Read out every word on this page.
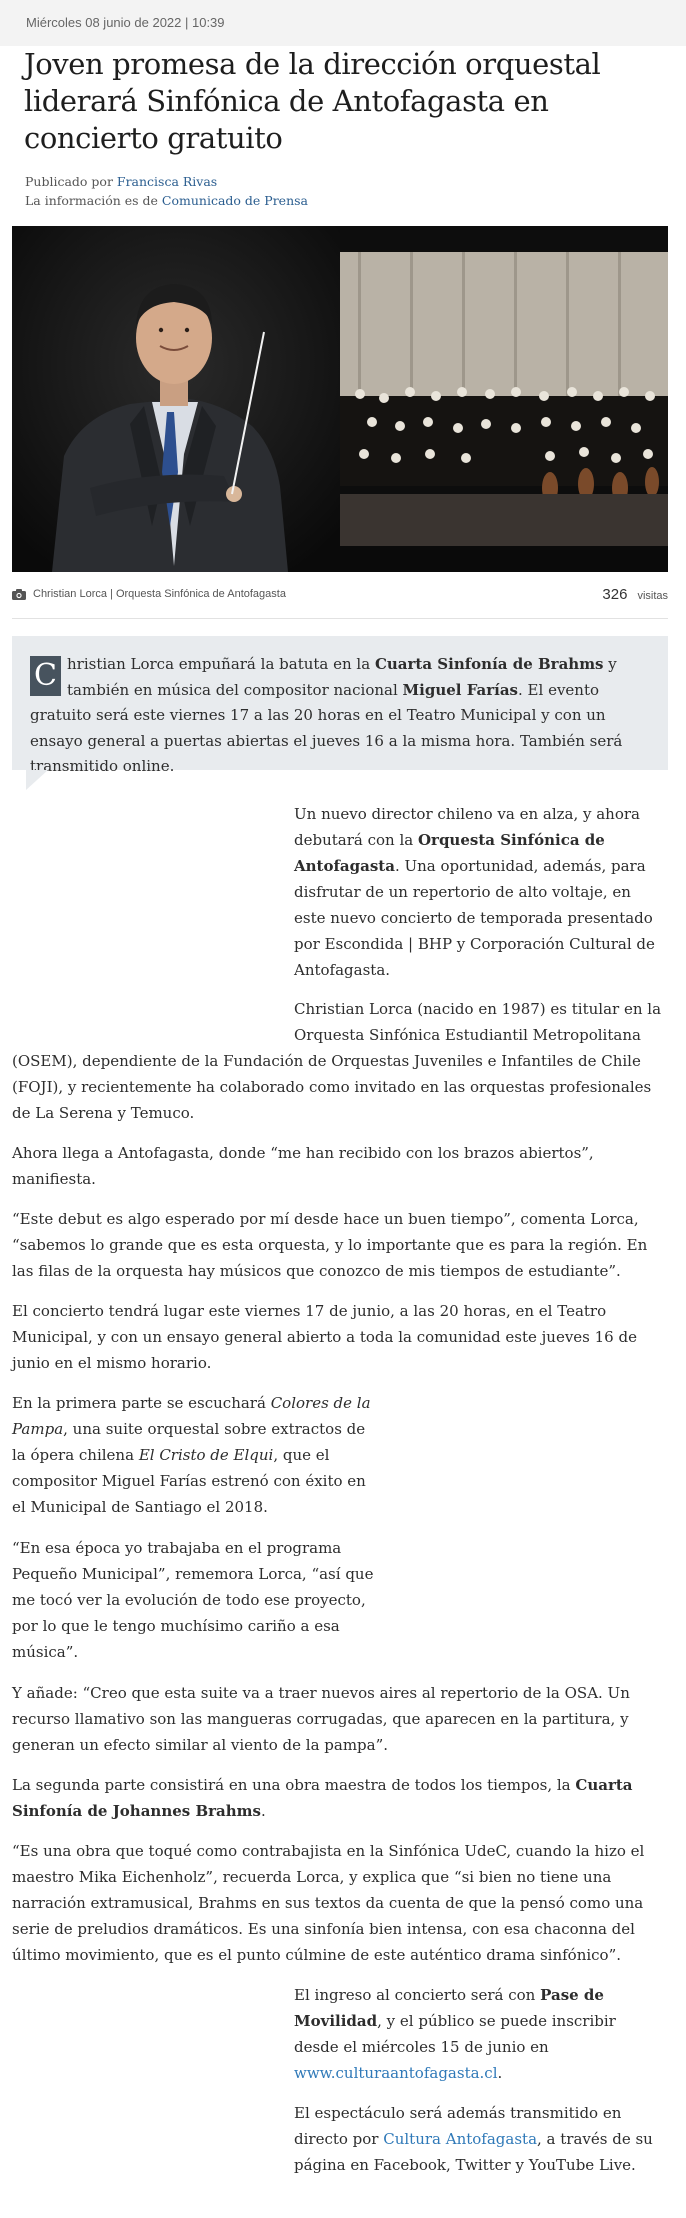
Miércoles 08 junio de 2022 | 10:39
Joven promesa de la dirección orquestal liderará Sinfónica de Antofagasta en concierto gratuito
Publicado por Francisca Rivas
La información es de Comunicado de Prensa
Christian Lorca | Orquesta Sinfónica de Antofagasta	326 visitas
C hristian Lorca empuñará la batuta en la Cuarta Sinfonía de Brahms y también en música del compositor nacional Miguel Farías. El evento gratuito será este viernes 17 a las 20 horas en el Teatro Municipal y con un ensayo general a puertas abiertas el jueves 16 a la misma hora. También será transmitido online.

Un nuevo director chileno va en alza, y ahora debutará con la Orquesta Sinfónica de Antofagasta. Una oportunidad, además, para disfrutar de un repertorio de alto voltaje, en este nuevo concierto de temporada presentado por Escondida | BHP y Corporación Cultural de Antofagasta.

Christian Lorca (nacido en 1987) es titular en la Orquesta Sinfónica Estudiantil Metropolitana

(OSEM), dependiente de la Fundación de Orquestas Juveniles e Infantiles de Chile (FOJI), y recientemente ha colaborado como invitado en las orquestas profesionales de La Serena y Temuco.

Ahora llega a Antofagasta, donde “me han recibido con los brazos abiertos”, manifiesta.

“Este debut es algo esperado por mí desde hace un buen tiempo”, comenta Lorca, “sabemos lo grande que es esta orquesta, y lo importante que es para la región. En las filas de la orquesta hay músicos que conozco de mis tiempos de estudiante”.

El concierto tendrá lugar este viernes 17 de junio, a las 20 horas, en el Teatro Municipal, y con un ensayo general abierto a toda la comunidad este jueves 16 de junio en el mismo horario.

En la primera parte se escuchará Colores de la Pampa, una suite orquestal sobre extractos de la ópera chilena El Cristo de Elqui, que el compositor Miguel Farías estrenó con éxito en el Municipal de Santiago el 2018.

“En esa época yo trabajaba en el programa Pequeño Municipal”, rememora Lorca, “así que me tocó ver la evolución de todo ese proyecto, por lo que le tengo muchísimo cariño a esa música”.

Y añade: “Creo que esta suite va a traer nuevos aires al repertorio de la OSA. Un recurso llamativo son las mangueras corrugadas, que aparecen en la partitura, y generan un efecto similar al viento de la pampa”.

La segunda parte consistirá en una obra maestra de todos los tiempos, la Cuarta Sinfonía de Johannes Brahms.

“Es una obra que toqué como contrabajista en la Sinfónica UdeC, cuando la hizo el maestro Mika Eichenholz”, recuerda Lorca, y explica que “si bien no tiene una narración extramusical, Brahms en sus textos da cuenta de que la pensó como una serie de preludios dramáticos. Es una sinfonía bien intensa, con esa chaconna del último movimiento, que es el punto cúlmine de este auténtico drama sinfónico”.

El ingreso al concierto será con Pase de Movilidad, y el público se puede inscribir desde el miércoles 15 de junio en www.culturaantofagasta.cl.

El espectáculo será además transmitido en directo por Cultura Antofagasta, a través de su página en Facebook, Twitter y YouTube Live.
